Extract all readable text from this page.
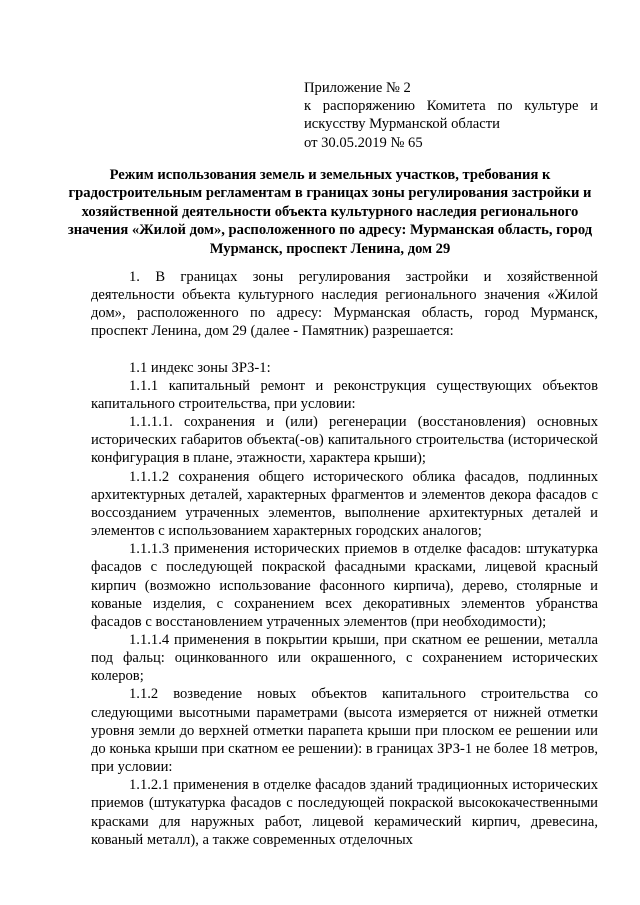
Приложение № 2
к распоряжению Комитета по культуре и
искусству Мурманской области
от 30.05.2019 № 65
Режим использования земель и земельных участков, требования к градостроительным регламентам в границах зоны регулирования застройки и хозяйственной деятельности объекта культурного наследия регионального значения «Жилой дом», расположенного по адресу: Мурманская область, город Мурманск, проспект Ленина, дом 29

1. В границах зоны регулирования застройки и хозяйственной деятельности объекта культурного наследия регионального значения «Жилой дом», расположенного по адресу: Мурманская область, город Мурманск, проспект Ленина, дом 29 (далее - Памятник) разрешается:

1.1 индекс зоны ЗРЗ-1:

1.1.1 капитальный ремонт и реконструкция существующих объектов капитального строительства, при условии:

1.1.1.1. сохранения и (или) регенерации (восстановления) основных исторических габаритов объекта(-ов) капитального строительства (исторической конфигурация в плане, этажности, характера крыши);

1.1.1.2 сохранения общего исторического облика фасадов, подлинных архитектурных деталей, характерных фрагментов и элементов декора фасадов с воссозданием утраченных элементов, выполнение архитектурных деталей и элементов с использованием характерных городских аналогов;

1.1.1.3 применения исторических приемов в отделке фасадов: штукатурка фасадов с последующей покраской фасадными красками, лицевой красный кирпич (возможно использование фасонного кирпича), дерево, столярные и кованые изделия, с сохранением всех декоративных элементов убранства фасадов с восстановлением утраченных элементов (при необходимости);

1.1.1.4 применения в покрытии крыши, при скатном ее решении, металла под фальц: оцинкованного или окрашенного, с сохранением исторических колеров;

1.1.2 возведение новых объектов капитального строительства со следующими высотными параметрами (высота измеряется от нижней отметки уровня земли до верхней отметки парапета крыши при плоском ее решении или до конька крыши при скатном ее решении): в границах ЗРЗ-1 не более 18 метров, при условии:

1.1.2.1 применения в отделке фасадов зданий традиционных исторических приемов (штукатурка фасадов с последующей покраской высококачественными красками для наружных работ, лицевой керамический кирпич, древесина, кованый металл), а также современных отделочных
